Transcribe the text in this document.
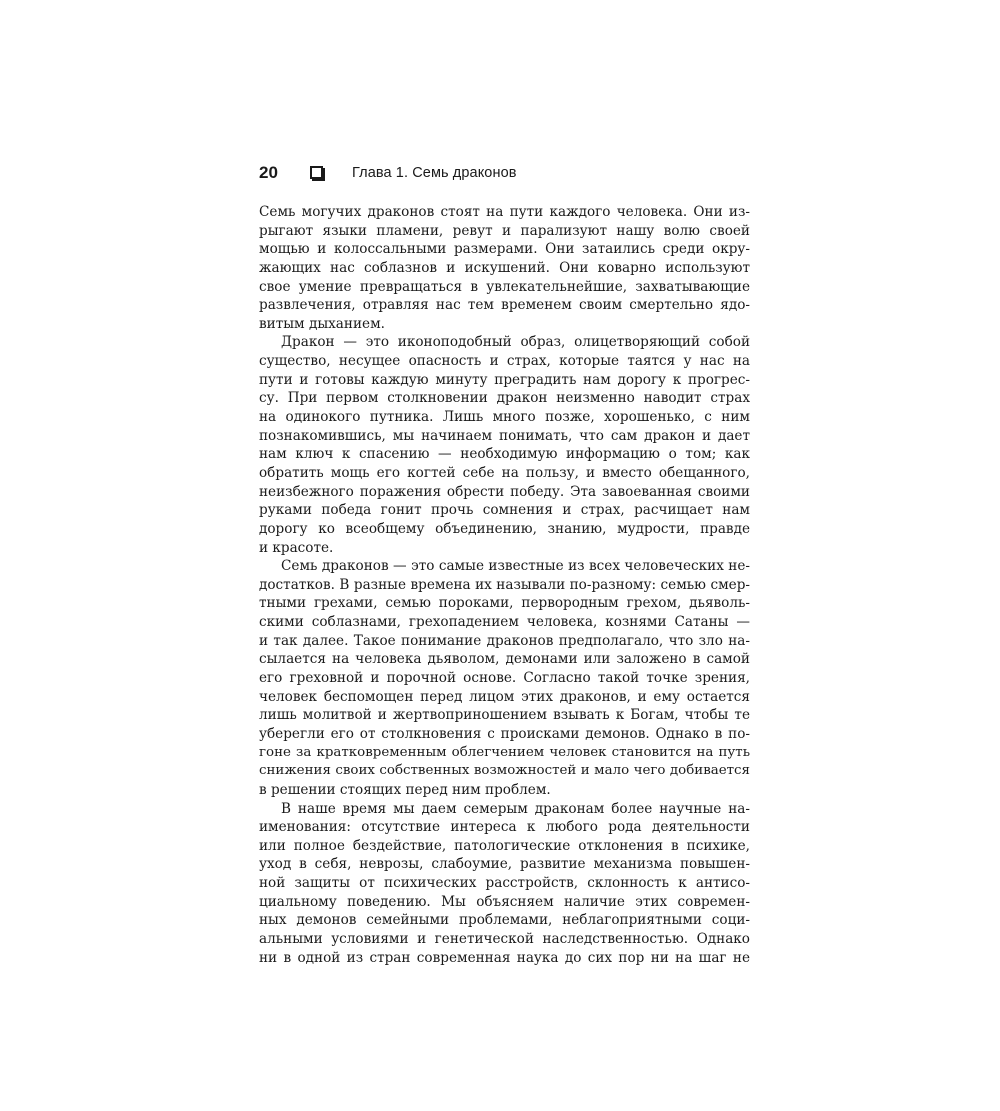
20	Глава 1. Семь драконов
Семь могучих драконов стоят на пути каждого человека. Они из-
рыгают языки пламени, ревут и парализуют нашу волю своей
мощью и колоссальными размерами. Они затаились среди окру-
жающих нас соблазнов и искушений. Они коварно используют
свое умение превращаться в увлекательнейшие, захватывающие
развлечения, отравляя нас тем временем своим смертельно ядо-
витым дыханием.
Дракон — это иконоподобный образ, олицетворяющий собой
существо, несущее опасность и страх, которые таятся у нас на
пути и готовы каждую минуту преградить нам дорогу к прогрес-
су. При первом столкновении дракон неизменно наводит страх
на одинокого путника. Лишь много позже, хорошенько, с ним
познакомившись, мы начинаем понимать, что сам дракон и дает
нам ключ к спасению — необходимую информацию о том; как
обратить мощь его когтей себе на пользу, и вместо обещанного,
неизбежного поражения обрести победу. Эта завоеванная своими
руками победа гонит прочь сомнения и страх, расчищает нам
дорогу ко всеобщему объединению, знанию, мудрости, правде
и красоте.
Семь драконов — это самые известные из всех человеческих не-
достатков. В разные времена их называли по-разному: семью смер-
тными грехами, семью пороками, первородным грехом, дьяволь-
скими соблазнами, грехопадением человека, кознями Сатаны —
и так далее. Такое понимание драконов предполагало, что зло на-
сылается на человека дьяволом, демонами или заложено в самой
его греховной и порочной основе. Согласно такой точке зрения,
человек беспомощен перед лицом этих драконов, и ему остается
лишь молитвой и жертвоприношением взывать к Богам, чтобы те
уберегли его от столкновения с происками демонов. Однако в по-
гоне за кратковременным облегчением человек становится на путь
снижения своих собственных возможностей и мало чего добивается
в решении стоящих перед ним проблем.
В наше время мы даем семерым драконам более научные на-
именования: отсутствие интереса к любого рода деятельности
или полное бездействие, патологические отклонения в психике,
уход в себя, неврозы, слабоумие, развитие механизма повышен-
ной защиты от психических расстройств, склонность к антисо-
циальному поведению. Мы объясняем наличие этих современ-
ных демонов семейными проблемами, неблагоприятными соци-
альными условиями и генетической наследственностью. Однако
ни в одной из стран современная наука до сих пор ни на шаг не
